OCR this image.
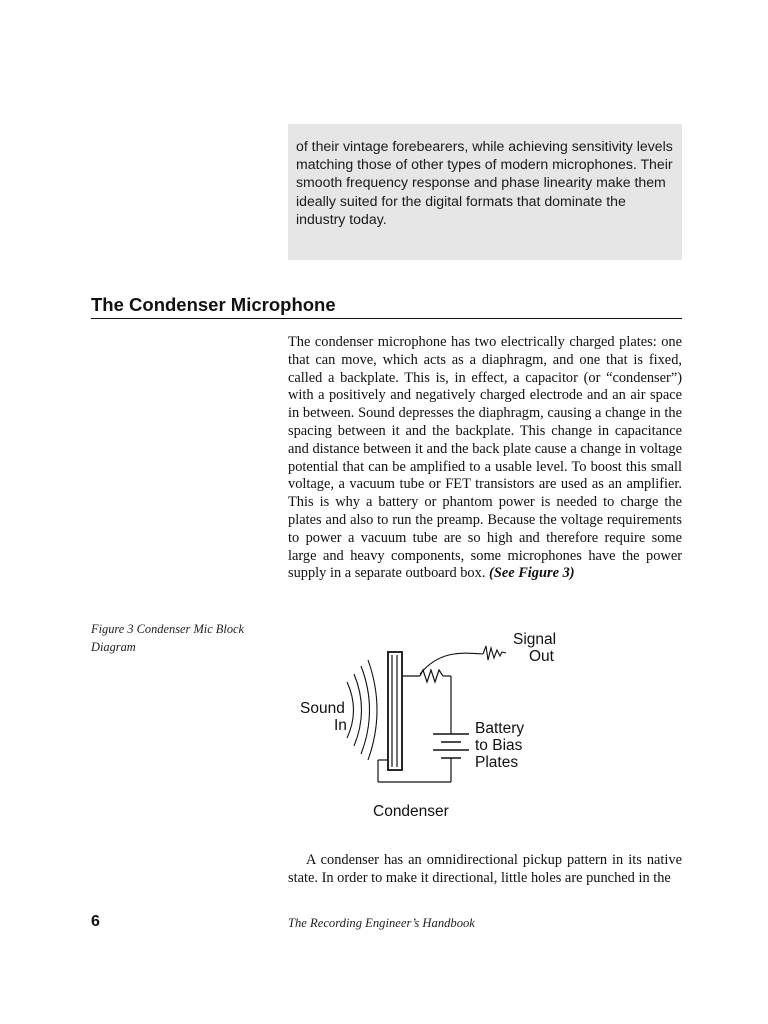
of their vintage forebearers, while achieving sensitivity levels matching those of other types of modern microphones. Their smooth frequency response and phase linearity make them ideally suited for the digital formats that dominate the industry today.

The Condenser Microphone

The condenser microphone has two electrically charged plates: one that can move, which acts as a diaphragm, and one that is fixed, called a backplate. This is, in effect, a capacitor (or “condenser”) with a positively and negatively charged electrode and an air space in between. Sound depresses the diaphragm, causing a change in the spacing between it and the backplate. This change in capacitance and distance between it and the back plate cause a change in voltage potential that can be amplified to a usable level. To boost this small voltage, a vacuum tube or FET transistors are used as an amplifier. This is why a battery or phantom power is needed to charge the plates and also to run the preamp. Because the voltage requirements to power a vacuum tube are so high and therefore require some large and heavy components, some microphones have the power supply in a separate outboard box. (See Figure 3)

Figure 3 Condenser Mic Block Diagram	Signal
Out
Sound
In	Battery
to Bias
Plates
Condenser

A condenser has an omnidirectional pickup pattern in its native state. In order to make it directional, little holes are punched in the

6	The Recording Engineer’s Handbook
